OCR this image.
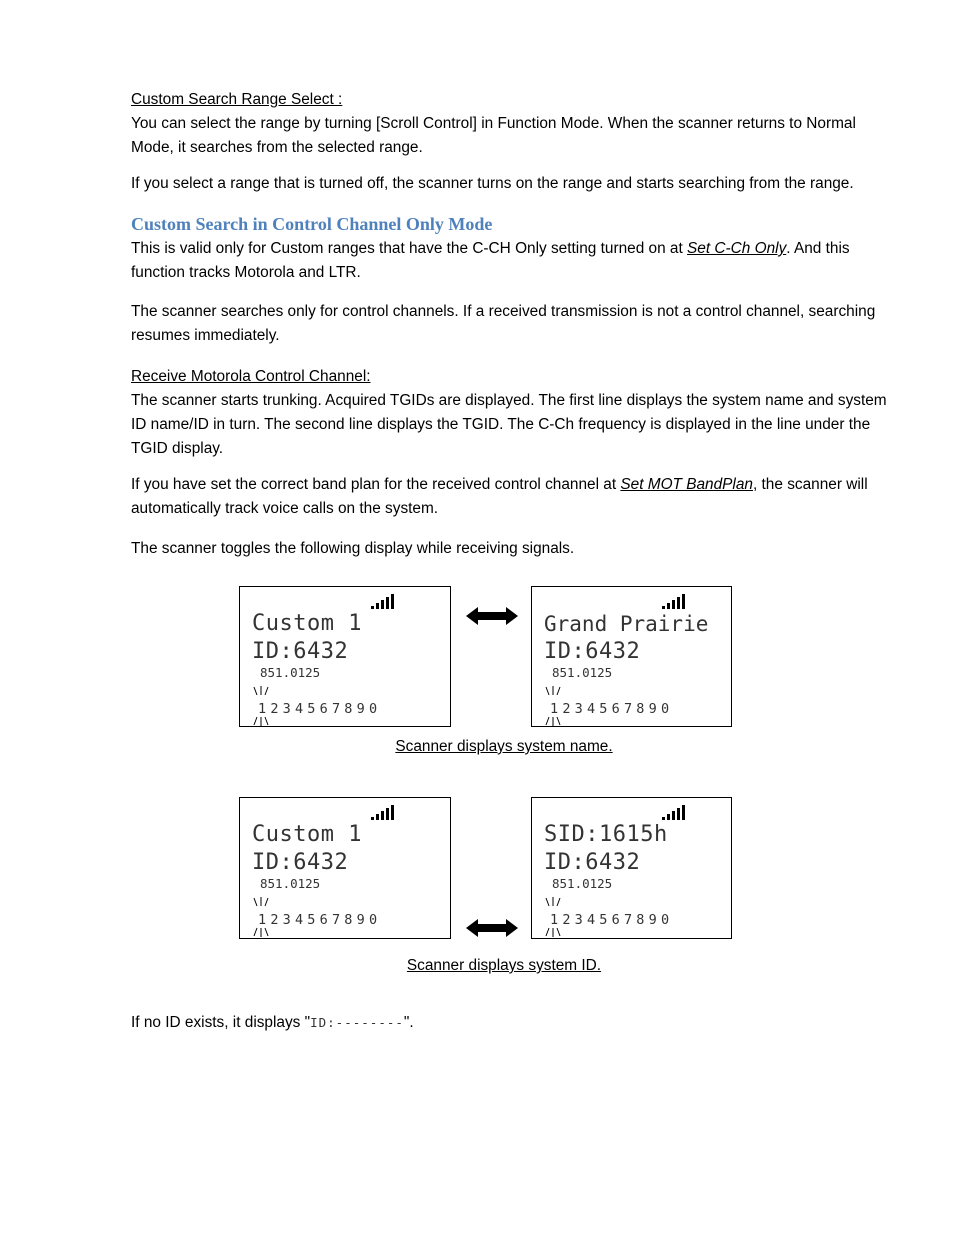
Custom Search Range Select :
You can select the range by turning [Scroll Control] in Function Mode. When the scanner returns to Normal Mode, it searches from the selected range.

If you select a range that is turned off, the scanner turns on the range and starts searching from the range.

Custom Search in Control Channel Only Mode

This is valid only for Custom ranges that have the C-CH Only setting turned on at Set C-Ch Only. And this function tracks Motorola and LTR.

The scanner searches only for control channels. If a received transmission is not a control channel, searching resumes immediately.

Receive Motorola Control Channel:
The scanner starts trunking. Acquired TGIDs are displayed. The first line displays the system name and system ID name/ID in turn. The second line displays the TGID. The C-Ch frequency is displayed in the line under the TGID display.

If you have set the correct band plan for the received control channel at Set MOT BandPlan, the scanner will automatically track voice calls on the system.

The scanner toggles the following display while receiving signals.

Custom 1
ID:6432
851.0125
1234567890
Grand Prairie
ID:6432
851.0125
1234567890
Scanner displays system name.
Custom 1
ID:6432
851.0125
1234567890
SID:1615h
ID:6432
851.0125
1234567890
Scanner displays system ID.

If no ID exists, it displays "ID:--------".
